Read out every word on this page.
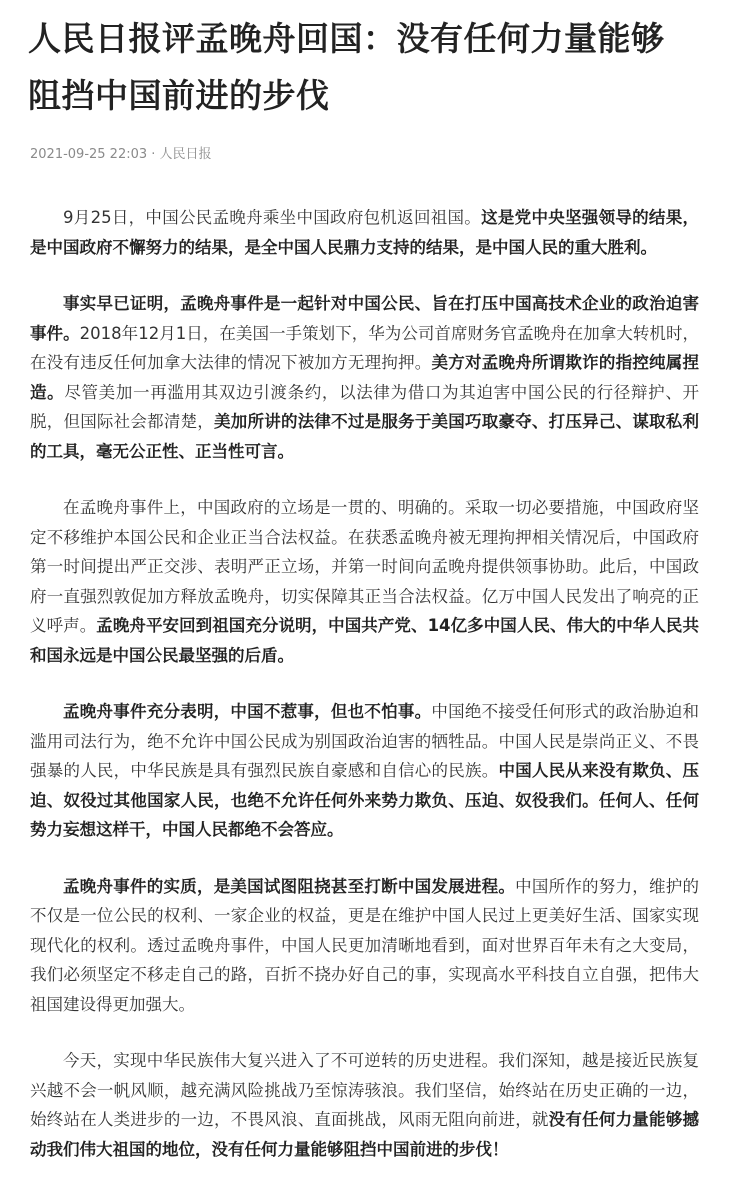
人民日报评孟晚舟回国：没有任何力量能够阻挡中国前进的步伐
2021-09-25 22:03 · 人民日报

9月25日，中国公民孟晚舟乘坐中国政府包机返回祖国。这是党中央坚强领导的结果，是中国政府不懈努力的结果，是全中国人民鼎力支持的结果，是中国人民的重大胜利。

事实早已证明，孟晚舟事件是一起针对中国公民、旨在打压中国高技术企业的政治迫害事件。2018年12月1日，在美国一手策划下，华为公司首席财务官孟晚舟在加拿大转机时，在没有违反任何加拿大法律的情况下被加方无理拘押。美方对孟晚舟所谓欺诈的指控纯属捏造。尽管美加一再滥用其双边引渡条约，以法律为借口为其迫害中国公民的行径辩护、开脱，但国际社会都清楚，美加所讲的法律不过是服务于美国巧取豪夺、打压异己、谋取私利的工具，毫无公正性、正当性可言。

在孟晚舟事件上，中国政府的立场是一贯的、明确的。采取一切必要措施，中国政府坚定不移维护本国公民和企业正当合法权益。在获悉孟晚舟被无理拘押相关情况后，中国政府第一时间提出严正交涉、表明严正立场，并第一时间向孟晚舟提供领事协助。此后，中国政府一直强烈敦促加方释放孟晚舟，切实保障其正当合法权益。亿万中国人民发出了响亮的正义呼声。孟晚舟平安回到祖国充分说明，中国共产党、14亿多中国人民、伟大的中华人民共和国永远是中国公民最坚强的后盾。

孟晚舟事件充分表明，中国不惹事，但也不怕事。中国绝不接受任何形式的政治胁迫和滥用司法行为，绝不允许中国公民成为别国政治迫害的牺牲品。中国人民是崇尚正义、不畏强暴的人民，中华民族是具有强烈民族自豪感和自信心的民族。中国人民从来没有欺负、压迫、奴役过其他国家人民，也绝不允许任何外来势力欺负、压迫、奴役我们。任何人、任何势力妄想这样干，中国人民都绝不会答应。

孟晚舟事件的实质，是美国试图阻挠甚至打断中国发展进程。中国所作的努力，维护的不仅是一位公民的权利、一家企业的权益，更是在维护中国人民过上更美好生活、国家实现现代化的权利。透过孟晚舟事件，中国人民更加清晰地看到，面对世界百年未有之大变局，我们必须坚定不移走自己的路，百折不挠办好自己的事，实现高水平科技自立自强，把伟大祖国建设得更加强大。

今天，实现中华民族伟大复兴进入了不可逆转的历史进程。我们深知，越是接近民族复兴越不会一帆风顺，越充满风险挑战乃至惊涛骇浪。我们坚信，始终站在历史正确的一边，始终站在人类进步的一边，不畏风浪、直面挑战，风雨无阻向前进，就没有任何力量能够撼动我们伟大祖国的地位，没有任何力量能够阻挡中国前进的步伐！
